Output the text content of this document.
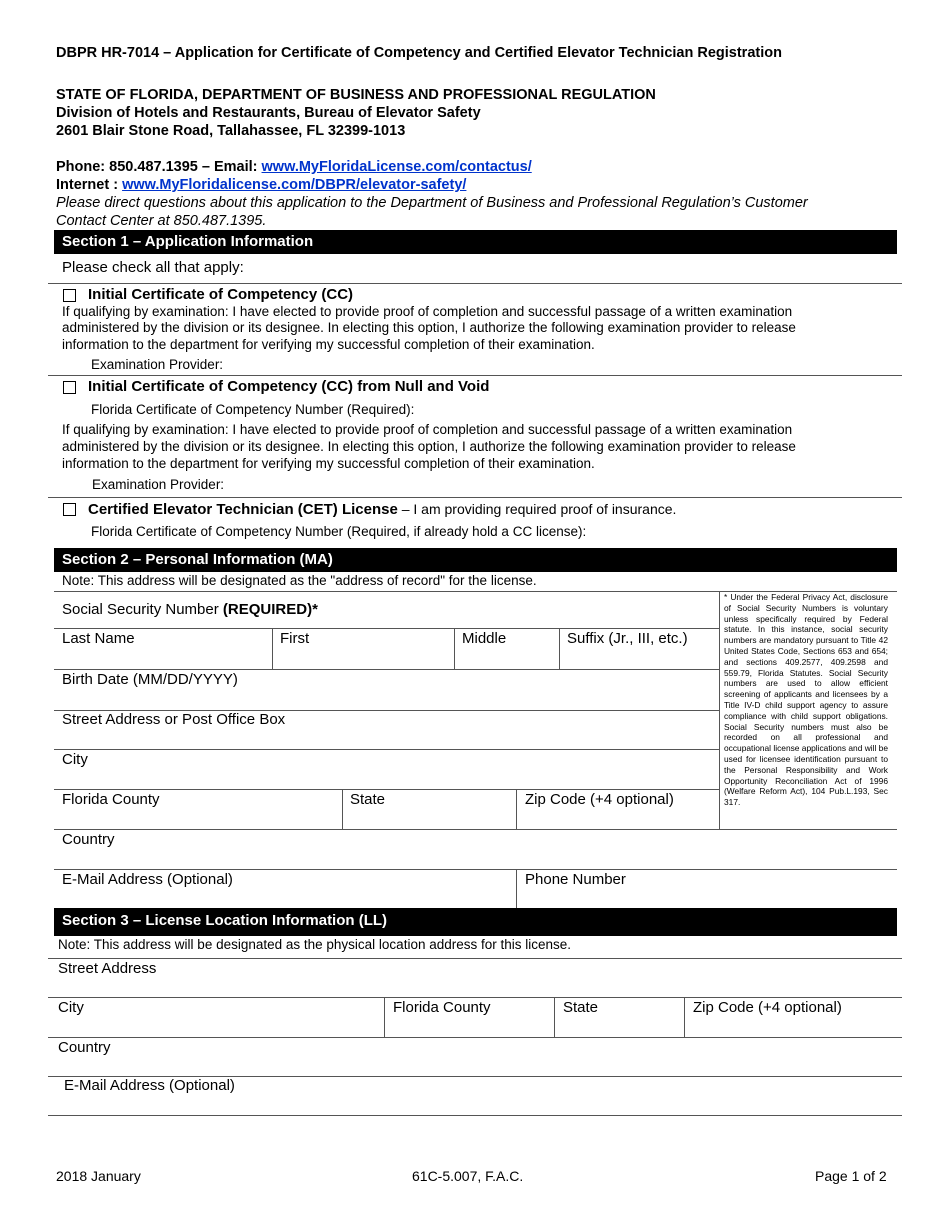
DBPR HR-7014 – Application for Certificate of Competency and Certified Elevator Technician Registration
STATE OF FLORIDA, DEPARTMENT OF BUSINESS AND PROFESSIONAL REGULATION
Division of Hotels and Restaurants, Bureau of Elevator Safety
2601 Blair Stone Road, Tallahassee, FL 32399-1013
Phone: 850.487.1395 – Email: www.MyFloridaLicense.com/contactus/
Internet : www.MyFloridalicense.com/DBPR/elevator-safety/
Please direct questions about this application to the Department of Business and Professional Regulation’s Customer
Contact Center at 850.487.1395.
Section 1 – Application Information
Please check all that apply:
Initial Certificate of Competency (CC)
If qualifying by examination: I have elected to provide proof of completion and successful passage of a written examination
administered by the division or its designee. In electing this option, I authorize the following examination provider to release
information to the department for verifying my successful completion of their examination.
Examination Provider:
Initial Certificate of Competency (CC) from Null and Void
Florida Certificate of Competency Number (Required):
If qualifying by examination: I have elected to provide proof of completion and successful passage of a written examination
administered by the division or its designee. In electing this option, I authorize the following examination provider to release
information to the department for verifying my successful completion of their examination.
Examination Provider:
Certified Elevator Technician (CET) License – I am providing required proof of insurance.
Florida Certificate of Competency Number (Required, if already hold a CC license):
Section 2 – Personal Information (MA)
Note: This address will be designated as the "address of record" for the license.
* Under the Federal Privacy Act, disclosure of Social Security Numbers is voluntary unless specifically required by Federal statute. In this instance, social security numbers are mandatory pursuant to Title 42 United States Code, Sections 653 and 654; and sections 409.2577, 409.2598 and 559.79, Florida Statutes. Social Security numbers are used to allow efficient screening of applicants and licensees by a Title IV-D child support agency to assure compliance with child support obligations. Social Security numbers must also be recorded on all professional and occupational license applications and will be used for licensee identification pursuant to the Personal Responsibility and Work Opportunity Reconciliation Act of 1996 (Welfare Reform Act), 104 Pub.L.193, Sec 317.
Social Security Number (REQUIRED)*
Last Name	First	Middle	Suffix (Jr., III, etc.)
Birth Date (MM/DD/YYYY)
Street Address or Post Office Box
City
Florida County	State	Zip Code (+4 optional)
Country
E-Mail Address (Optional)	Phone Number
Section 3 – License Location Information (LL)
Note: This address will be designated as the physical location address for this license.
Street Address
City	Florida County	State	Zip Code (+4 optional)
Country
E-Mail Address (Optional)
2018 January	61C-5.007, F.A.C.	Page 1 of 2
